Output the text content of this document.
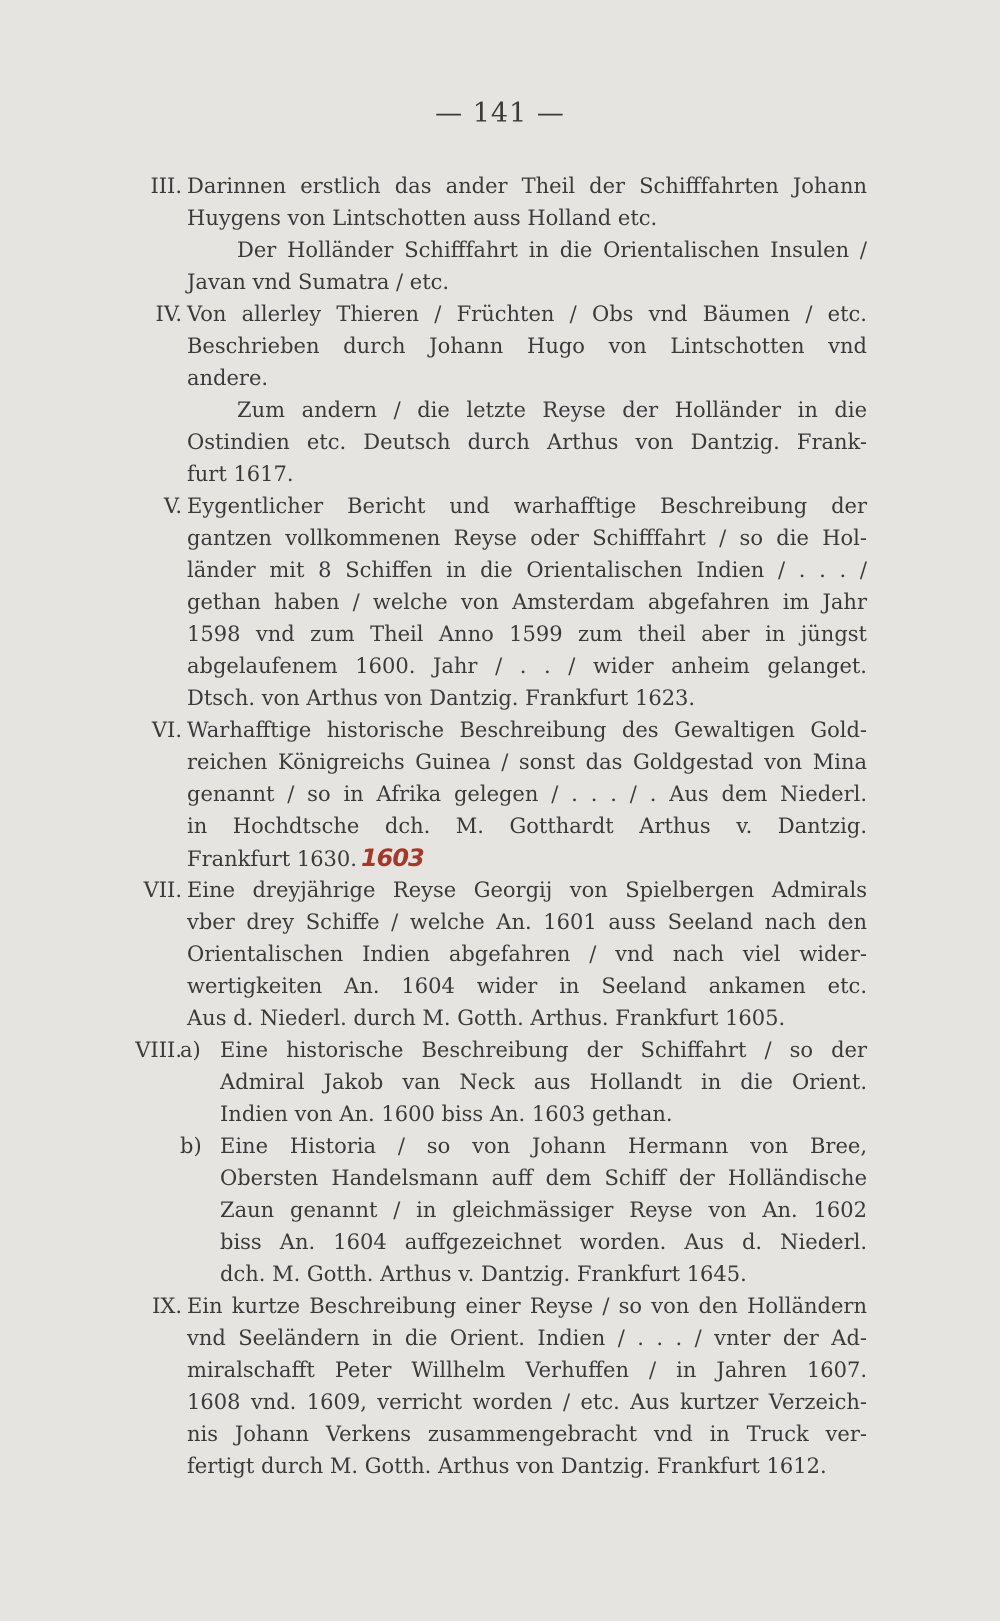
— 141 —
III. Darinnen erstlich das ander Theil der Schifffahrten Johann
Huygens von Lintschotten auss Holland etc.
Der Holländer Schifffahrt in die Orientalischen Insulen /
Javan vnd Sumatra / etc.
IV. Von allerley Thieren / Früchten / Obs vnd Bäumen / etc.
Beschrieben durch Johann Hugo von Lintschotten vnd
andere.
Zum andern / die letzte Reyse der Holländer in die
Ostindien etc. Deutsch durch Arthus von Dantzig. Frank-
furt 1617.
V. Eygentlicher Bericht und warhafftige Beschreibung der
gantzen vollkommenen Reyse oder Schifffahrt / so die Hol-
länder mit 8 Schiffen in die Orientalischen Indien / . . . /
gethan haben / welche von Amsterdam abgefahren im Jahr
1598 vnd zum Theil Anno 1599 zum theil aber in jüngst
abgelaufenem 1600. Jahr / . . / wider anheim gelanget.
Dtsch. von Arthus von Dantzig. Frankfurt 1623.
VI. Warhafftige historische Beschreibung des Gewaltigen Gold-
reichen Königreichs Guinea / sonst das Goldgestad von Mina
genannt / so in Afrika gelegen / . . . / . Aus dem Niederl.
in Hochdtsche dch. M. Gotthardt Arthus v. Dantzig.
Frankfurt 1630. 1603
VII. Eine dreyjährige Reyse Georgij von Spielbergen Admirals
vber drey Schiffe / welche An. 1601 auss Seeland nach den
Orientalischen Indien abgefahren / vnd nach viel wider-
wertigkeiten An. 1604 wider in Seeland ankamen etc.
Aus d. Niederl. durch M. Gotth. Arthus. Frankfurt 1605.
VIII.
a) Eine historische Beschreibung der Schiffahrt / so der
Admiral Jakob van Neck aus Hollandt in die Orient.
Indien von An. 1600 biss An. 1603 gethan.
b) Eine Historia / so von Johann Hermann von Bree,
Obersten Handelsmann auff dem Schiff der Holländische
Zaun genannt / in gleichmässiger Reyse von An. 1602
biss An. 1604 auffgezeichnet worden. Aus d. Niederl.
dch. M. Gotth. Arthus v. Dantzig. Frankfurt 1645.
IX. Ein kurtze Beschreibung einer Reyse / so von den Holländern
vnd Seeländern in die Orient. Indien / . . . / vnter der Ad-
miralschafft Peter Willhelm Verhuffen / in Jahren 1607.
1608 vnd. 1609, verricht worden / etc. Aus kurtzer Verzeich-
nis Johann Verkens zusammengebracht vnd in Truck ver-
fertigt durch M. Gotth. Arthus von Dantzig. Frankfurt 1612.
